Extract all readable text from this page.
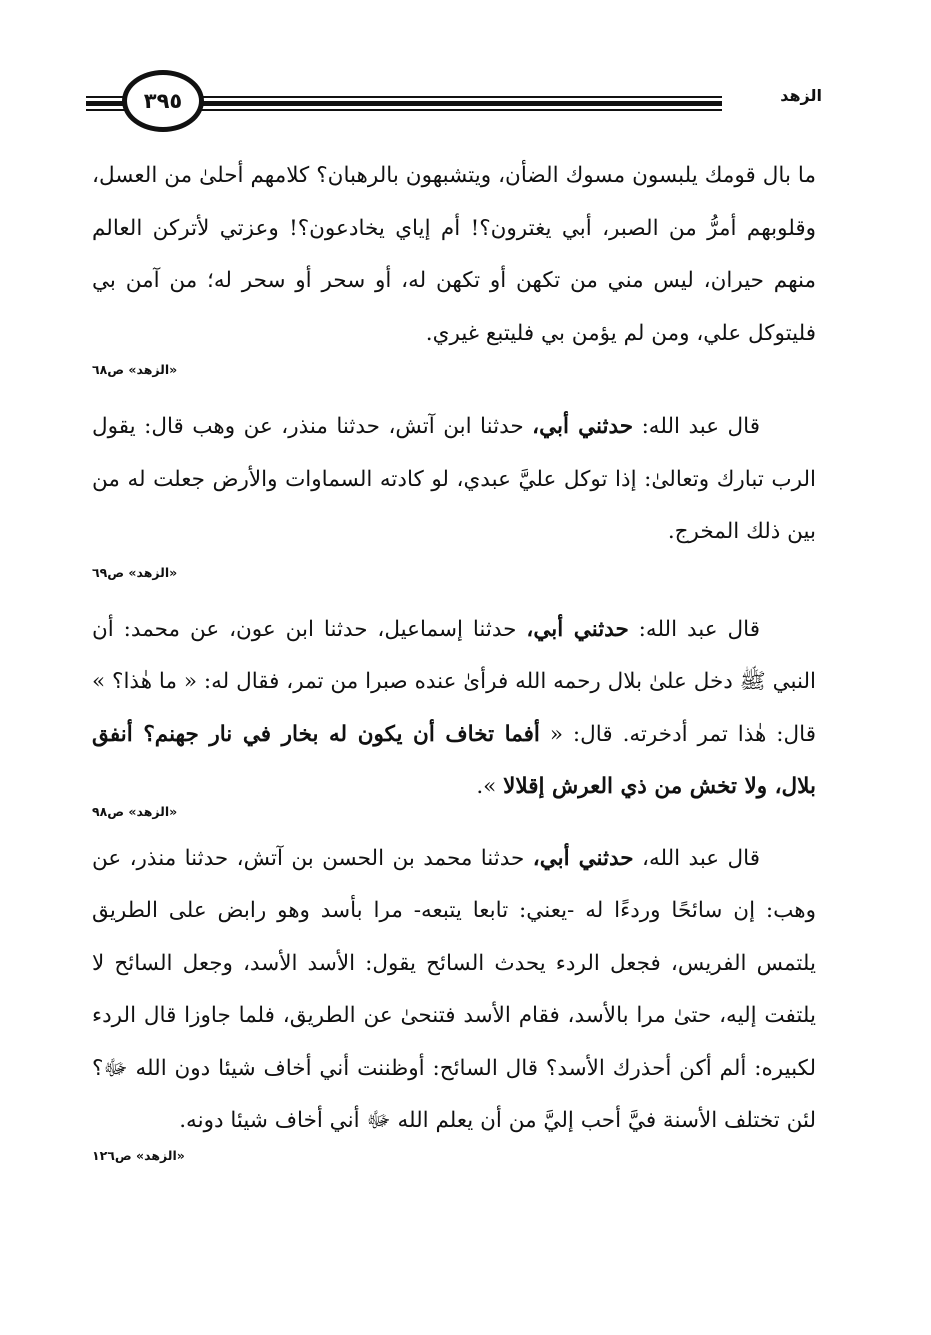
الزهد
٣٩٥

ما بال قومك يلبسون مسوك الضأن، ويتشبهون بالرهبان؟ كلامهم أحلىٰ من العسل، وقلوبهم أمرُّ من الصبر، أبي يغترون؟! أم إياي يخادعون؟! وعزتي لأتركن العالم منهم حيران، ليس مني من تكهن أو تكهن له، أو سحر أو سحر له؛ من آمن بي فليتوكل علي، ومن لم يؤمن بي فليتبع غيري.

«الزهد» ص٦٨

قال عبد الله: حدثني أبي، حدثنا ابن آتش، حدثنا منذر، عن وهب قال: يقول الرب تبارك وتعالىٰ: إذا توكل عليَّ عبدي، لو كادته السماوات والأرض جعلت له من بين ذلك المخرج.

«الزهد» ص٦٩

قال عبد الله: حدثني أبي، حدثنا إسماعيل، حدثنا ابن عون، عن محمد: أن النبي ﷺ دخل علىٰ بلال رحمه الله فرأىٰ عنده صبرا من تمر، فقال له: « ما هٰذا؟ » قال: هٰذا تمر أدخرته. قال: « أفما تخاف أن يكون له بخار في نار جهنم؟ أنفق بلال، ولا تخش من ذي العرش إقلالا ».

«الزهد» ص٩٨

قال عبد الله، حدثني أبي، حدثنا محمد بن الحسن بن آتش، حدثنا منذر، عن وهب: إن سائحًا وردءًا له -يعني: تابعا يتبعه- مرا بأسد وهو رابض على الطريق يلتمس الفريس، فجعل الردء يحدث السائح يقول: الأسد الأسد، وجعل السائح لا يلتفت إليه، حتىٰ مرا بالأسد، فقام الأسد فتنحىٰ عن الطريق، فلما جاوزا قال الردء لكبيره: ألم أكن أحذرك الأسد؟ قال السائح: أوظننت أني أخاف شيئا دون الله ﷻ؟ لئن تختلف الأسنة فيَّ أحب إليَّ من أن يعلم الله ﷻ أني أخاف شيئا دونه.

«الزهد» ص١٢٦
